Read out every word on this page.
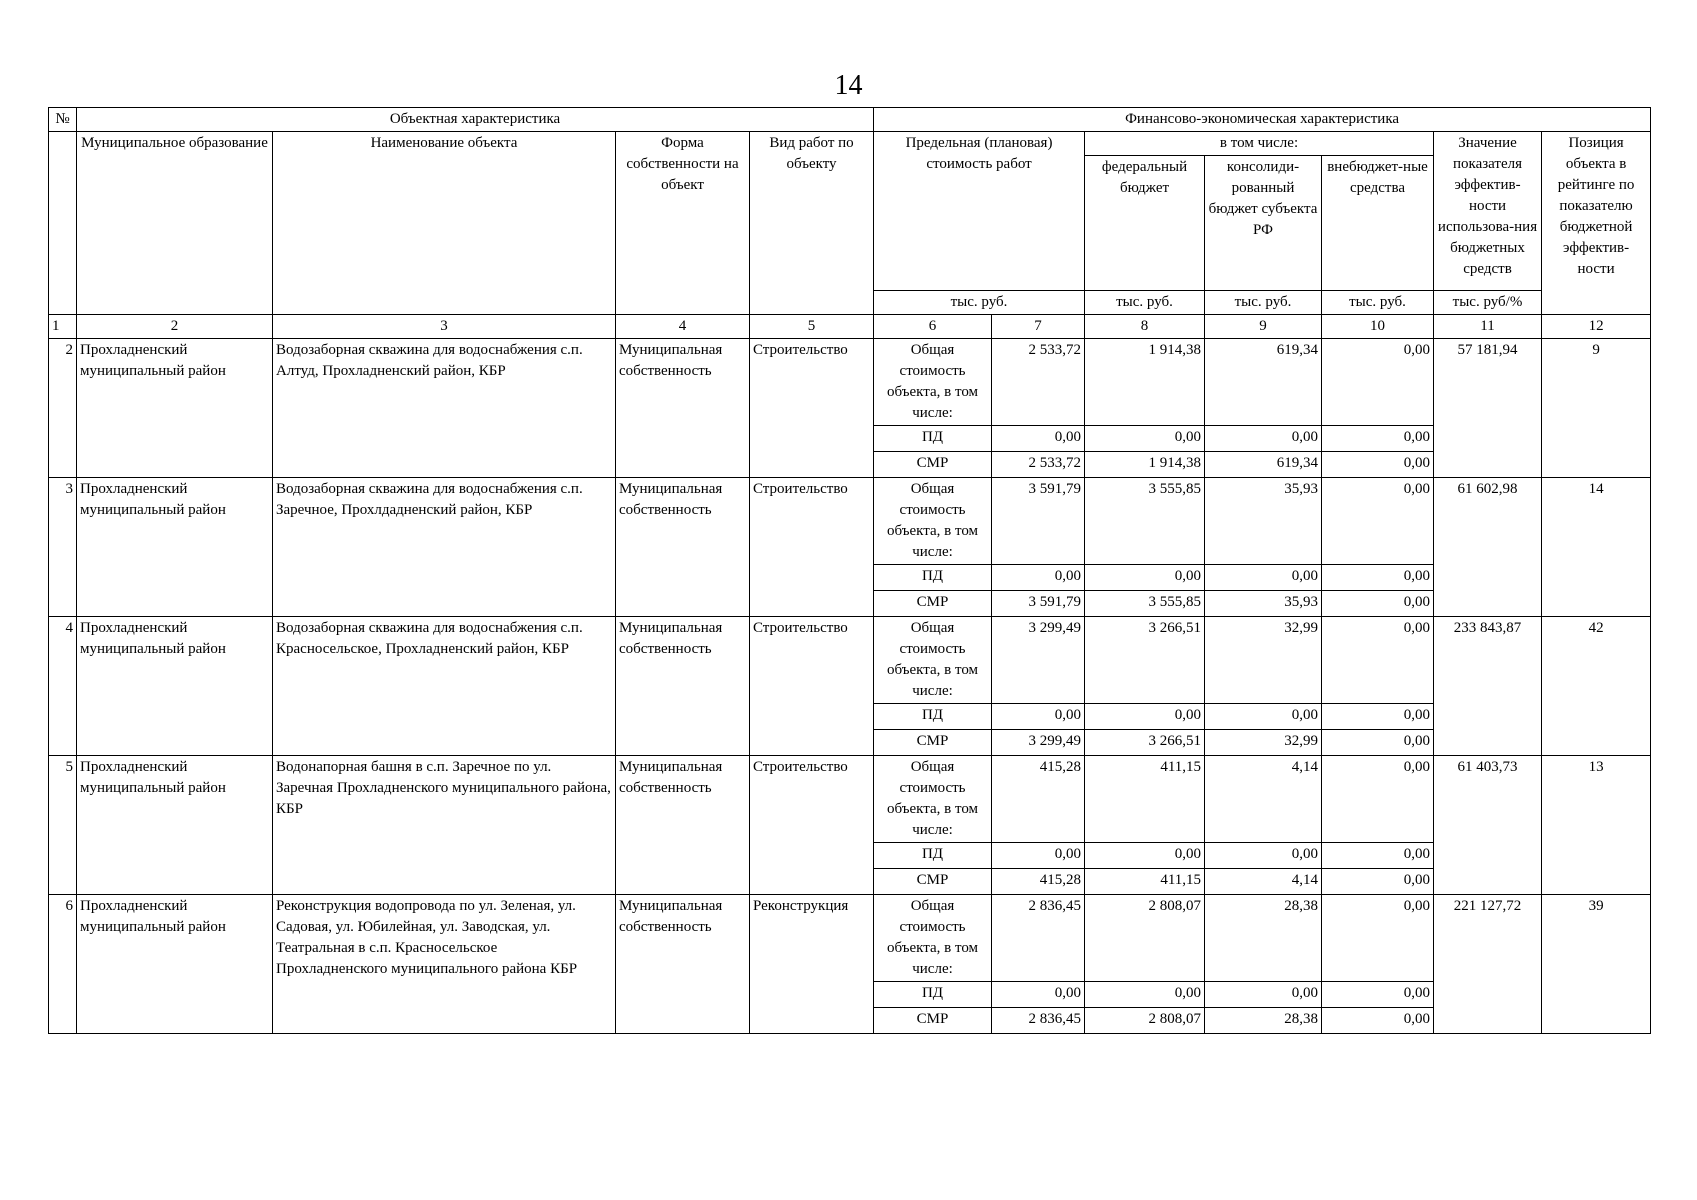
14
№	Объектная характеристика				Финансово-экономическая характеристика						
	Муниципальное образование	Наименование объекта	Форма собственности на объект	Вид работ по объекту	Предельная (плановая) стоимость работ		в том числе:			Значение показателя эффектив-ности использова-ния бюджетных средств	Позиция объекта в рейтинге по показателю бюджетной эффектив-ности
							федеральный бюджет	консолиди-рованный бюджет субъекта РФ	внебюджет-ные средства		
					тыс. руб.		тыс. руб.	тыс. руб.	тыс. руб.	тыс. руб/%	
1	2	3	4	5	6	7	8	9	10	11	12
2	Прохладненский муниципальный район	Водозаборная скважина для водоснабжения с.п. Алтуд, Прохладненский район, КБР	Муниципальная собственность	Строительство	Общая стоимость объекта, в том числе:	2 533,72	1 914,38	619,34	0,00	57 181,94	9
					ПД	0,00	0,00	0,00	0,00		
					СМР	2 533,72	1 914,38	619,34	0,00		
3	Прохладненский муниципальный район	Водозаборная скважина для водоснабжения с.п. Заречное, Прохлдадненский район, КБР	Муниципальная собственность	Строительство	Общая стоимость объекта, в том числе:	3 591,79	3 555,85	35,93	0,00	61 602,98	14
					ПД	0,00	0,00	0,00	0,00		
					СМР	3 591,79	3 555,85	35,93	0,00		
4	Прохладненский муниципальный район	Водозаборная скважина для водоснабжения с.п. Красносельское, Прохладненский район, КБР	Муниципальная собственность	Строительство	Общая стоимость объекта, в том числе:	3 299,49	3 266,51	32,99	0,00	233 843,87	42
					ПД	0,00	0,00	0,00	0,00		
					СМР	3 299,49	3 266,51	32,99	0,00		
5	Прохладненский муниципальный район	Водонапорная башня в с.п. Заречное по ул. Заречная Прохладненского муниципального района, КБР	Муниципальная собственность	Строительство	Общая стоимость объекта, в том числе:	415,28	411,15	4,14	0,00	61 403,73	13
					ПД	0,00	0,00	0,00	0,00		
					СМР	415,28	411,15	4,14	0,00		
6	Прохладненский муниципальный район	Реконструкция водопровода по ул. Зеленая, ул. Садовая, ул. Юбилейная, ул. Заводская, ул. Театральная в с.п. Красносельское Прохладненского муниципального района КБР	Муниципальная собственность	Реконструкция	Общая стоимость объекта, в том числе:	2 836,45	2 808,07	28,38	0,00	221 127,72	39
					ПД	0,00	0,00	0,00	0,00		
					СМР	2 836,45	2 808,07	28,38	0,00		
